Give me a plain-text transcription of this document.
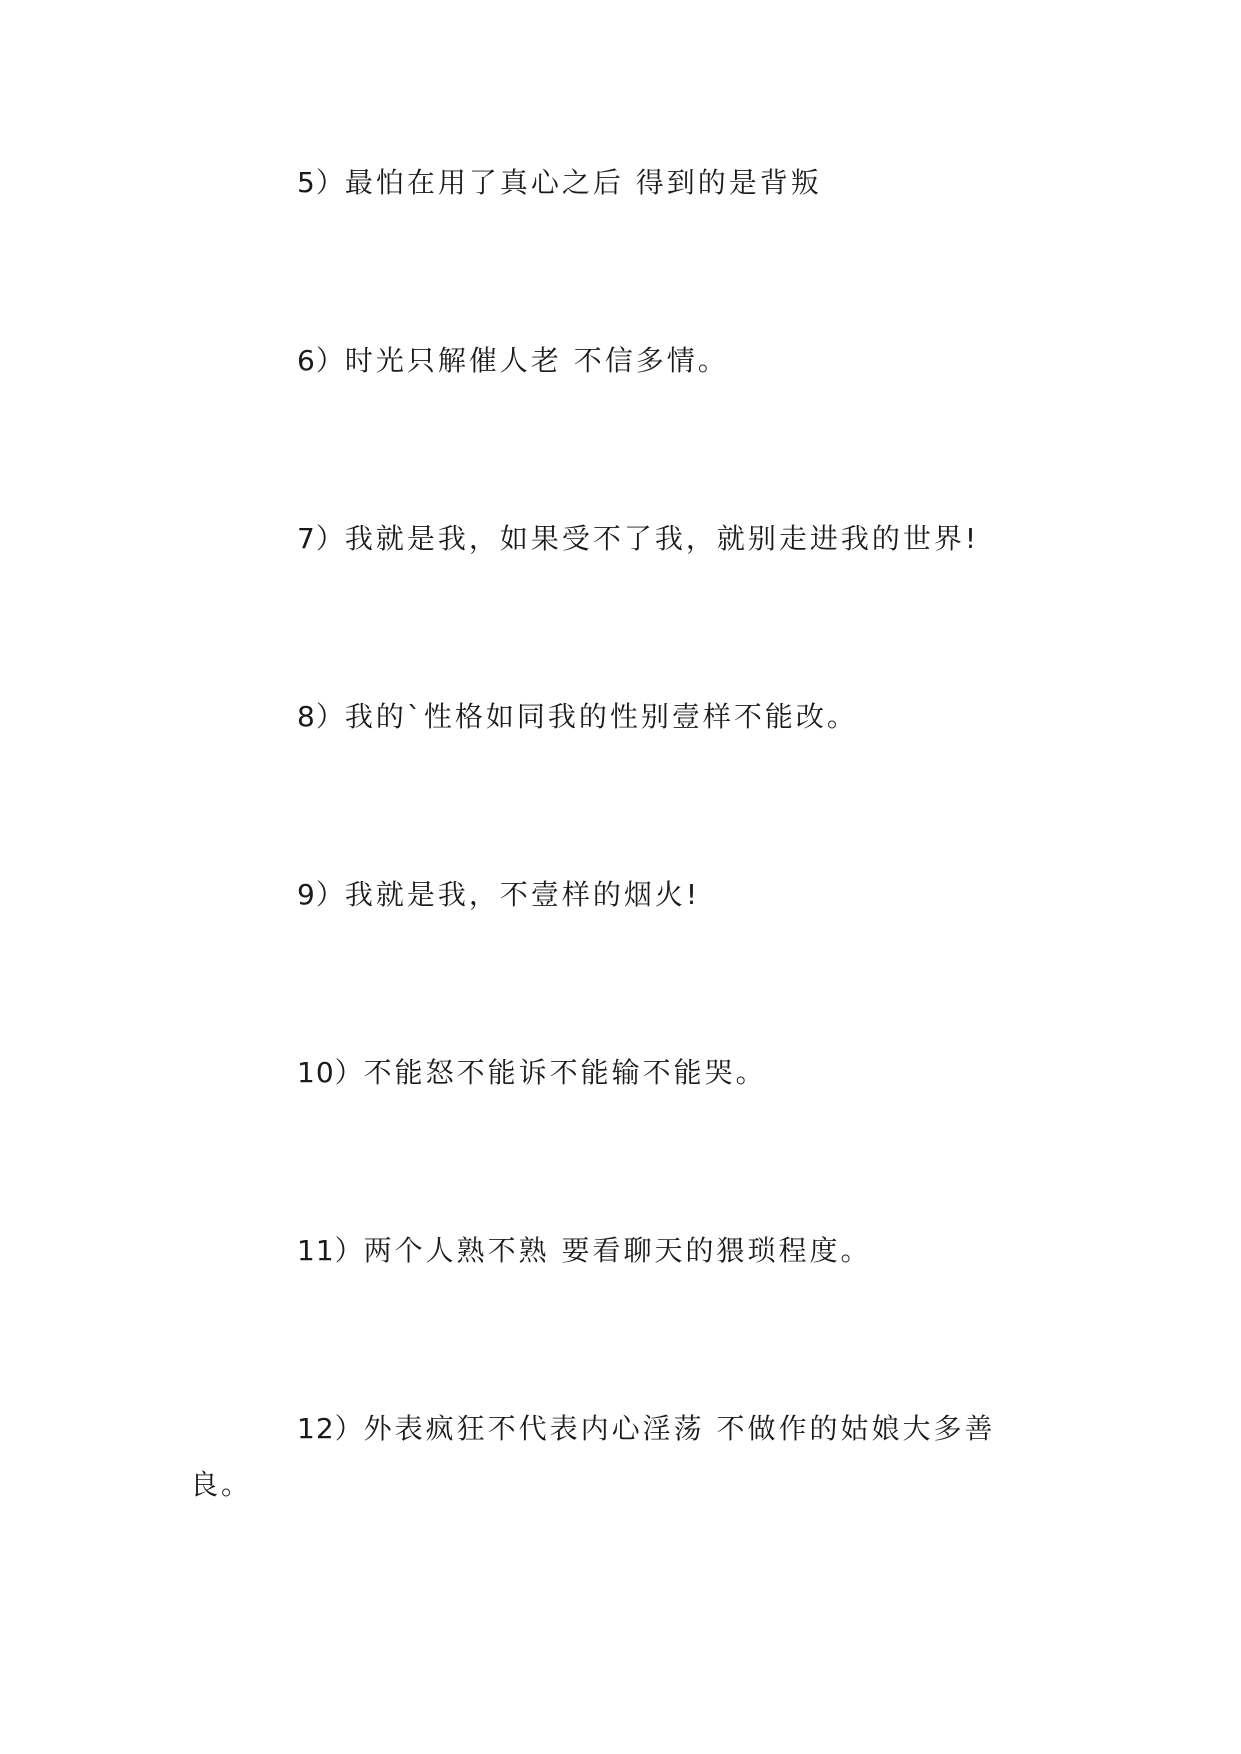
5）最怕在用了真心之后 得到的是背叛

6）时光只解催人老 不信多情。

7）我就是我，如果受不了我，就别走进我的世界!

8）我的`性格如同我的性别壹样不能改。

9）我就是我，不壹样的烟火!

10）不能怒不能诉不能输不能哭。

11）两个人熟不熟 要看聊天的猥琐程度。

12）外表疯狂不代表内心淫荡 不做作的姑娘大多善良。
